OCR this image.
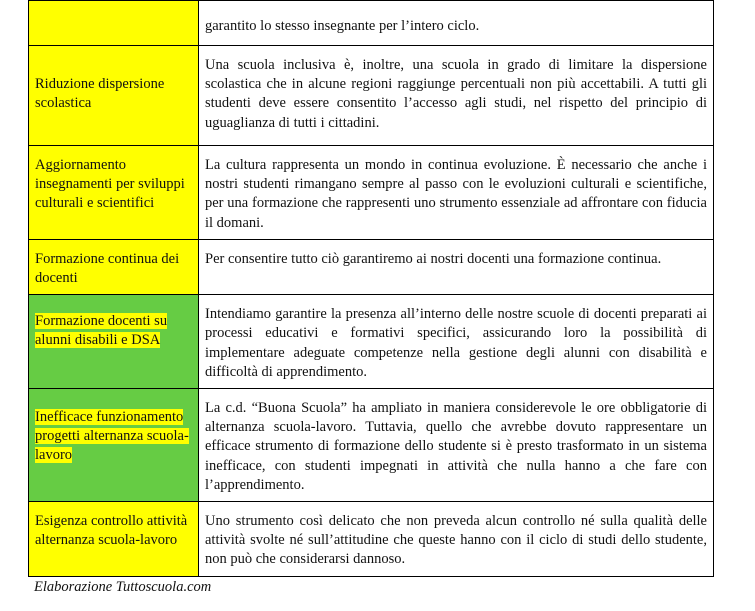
	garantito lo stesso insegnante per l’intero ciclo.
Riduzione dispersione scolastica	Una scuola inclusiva è, inoltre, una scuola in grado di limitare la dispersione scolastica che in alcune regioni raggiunge percentuali non più accettabili. A tutti gli studenti deve essere consentito l’accesso agli studi, nel rispetto del principio di uguaglianza di tutti i cittadini.
Aggiornamento insegnamenti per sviluppi culturali e scientifici	La cultura rappresenta un mondo in continua evoluzione. È necessario che anche i nostri studenti rimangano sempre al passo con le evoluzioni culturali e scientifiche, per una formazione che rappresenti uno strumento essenziale ad affrontare con fiducia il domani.
Formazione continua dei docenti	Per consentire tutto ciò garantiremo ai nostri docenti una formazione continua.
Formazione docenti su alunni disabili e DSA	Intendiamo garantire la presenza all’interno delle nostre scuole di docenti preparati ai processi educativi e formativi specifici, assicurando loro la possibilità di implementare adeguate competenze nella gestione degli alunni con disabilità e difficoltà di apprendimento.
Inefficace funzionamento progetti alternanza scuola-lavoro	La c.d. “Buona Scuola” ha ampliato in maniera considerevole le ore obbligatorie di alternanza scuola-lavoro. Tuttavia, quello che avrebbe dovuto rappresentare un efficace strumento di formazione dello studente si è presto trasformato in un sistema inefficace, con studenti impegnati in attività che nulla hanno a che fare con l’apprendimento.
Esigenza controllo attività alternanza scuola-lavoro	Uno strumento così delicato che non preveda alcun controllo né sulla qualità delle attività svolte né sull’attitudine che queste hanno con il ciclo di studi dello studente, non può che considerarsi dannoso.
Elaborazione Tuttoscuola.com
